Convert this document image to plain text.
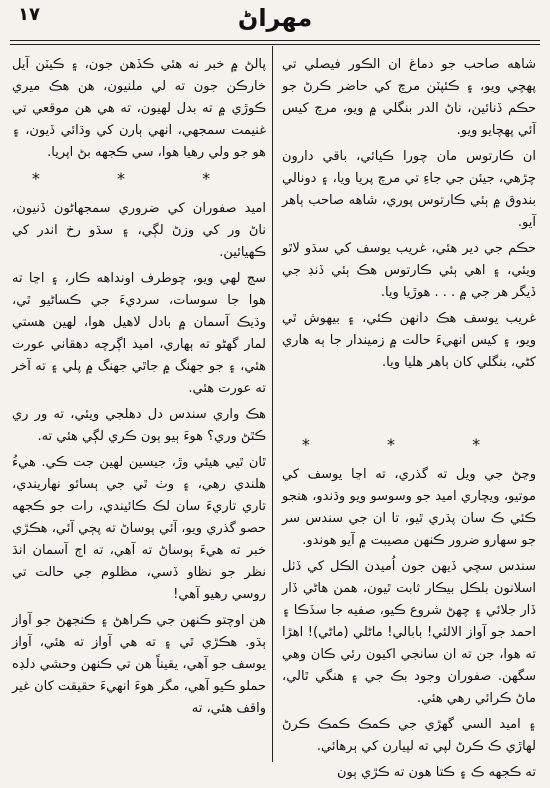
مهراڻ
١٧

شاهه صاحب جو دماغ ان الڪور فيصلي تي پهچي ويو، ۽ ڪئپٽن مرچ کي حاضر ڪرڻ جو حڪم ڏنائين، ناڻ الدر بنگلي ۾ ويو، مرچ کيس آئي پهچايو ويو.

ان ڪارتوس مان چورا ڪيائي، باقي دارون چڙهي، جيئن جي جاءِ تي مرچ پريا ويا، ۽ دونالي بندوق ۾ ٻئي ڪارتوس پوري، شاهه صاحب ٻاهر آيو.

حڪم جي دير هئي، غريب يوسف کي سڌو لاٿو ويئي، ۽ اهي ٻئي ڪارتوس هڪ ٻئي ڏنڊ جي ڏيگر هر جي ۾ . . . هوڙيا ويا.

غريب يوسف هڪ دانهن ڪئي، ۽ بيهوش ٿي ويو، ۽ کيس انهيءَ حالت ۾ زميندار جا ٻه هاري کڻي، بنگلي کان ٻاهر هليا ويا.

* * *

وڃڻ جي ويل ته گذري، ته اڃا يوسف کي موتيو، ويچاري اميد جو وسوسو ويو وڌندو، هنجو ڪئي ڪ سان پڌري ٿيو، تا ان جي سندس سر جو سهارو ضرور ڪنهن مصيبت ۾ آيو هوندو.

سندس سچي ڏيهن جون اُميدن الڪل کي ڏٺل اسلانون بلڪل بيڪار ثابت ٿيون، همن هاڻي ڏار ڏار جلائي ۽ چهڻ شروع ڪيو، صفيه جا سڏڪا ۽ احمد جو آواز الالئي! بابالي! ماڻلي (ماڻي)! اهڙا ته هوا، جن ته ان سانجي اکيون رئي ڪان وهي سگهن. صفوران وجود بڪ جي ۽ هنگي ٿالي، ماڻ ڪرائي رهي هئي.

۽ اميد السي گهڙي جي ڪمڪ ڪمڪ ڪرڻ لهاڙي ڪ ڪرڻ لپي ته لپيارن کي ٻرهائي.

ته ڪجهه ڪ ۽ ڪتا هون ته ڪڙي ٻون

پالڻ ۾ خبر نه هئي ڪڏهن جون، ۽ ڪيٽن آيل خارڪن جون ته لي ملنيون، هن هڪ ميري ڪوڙي ۾ ته بدل لهيون، ته هي هن موقعي تي غنيمت سمجهي، انهي ٻارن کي وڌائي ڏيون، ۽ هو جو ولي رهيا هوا، سي ڪجهه بڻ اپريا.

* * *

اميد صفوران کي ضروري سمجهاڻون ڏنيون، ناڻ ور کي وزڻ لڳي، ۽ سڌو رخ اندر کي ڪهيائين.

سج لهي ويو، چوطرف اونداهه ڪار، ۽ اڃا ته هوا جا سوسات، سرديءَ جي ڪساڻيو ٿي، وڌيڪ آسمان ۾ بادل لاهيل هوا، لهين هستي لمار گهڻو ته ٻهاري، اميد اڳرچه دهقاني عورت هئي، ۽ جو جهنگ ۾ جاٿي جهنگ ۾ پلي ۽ ته آخر ته عورت هئي.

هڪ واري سندس دل دهلجي ويئي، ته ور ري ڪٿڻ وري؟ هوءَ ٻيو ٻون ڪري لڳي هئي ته.

ٿان ٿيي هيئي وڙ، جيسين لهين جت ڪي. هيءُ هلندي رهي، ۽ وٺ ٿي جي ٻسائو نهاريندي، تاري تاريءَ سان لڪ ڪائيندي، رات جو ڪجهه حصو گذري ويو، آئي ٻوساڻ ته پڄي آئي، هڪڙي خبر ته هيءَ ٻوساڻ ته آهي، ته اڄ آسمان انڌ نظر جو نظاو ڏسي، مظلوم جي حالت تي روسي رهيو آهي!

هن اوچتو ڪنهن جي ڪراهڻ ۽ ڪنجهڻ جو آواز ٻڌو. هڪڙي ٿي ۽ ته هي آواز ته هئي، آواز يوسف جو آهي، يقيناً هن تي ڪنهن وحشي دلڊه حملو ڪيو آهي، مگر هوءَ انهيءَ حقيقت کان غير واقف هئي، ته
